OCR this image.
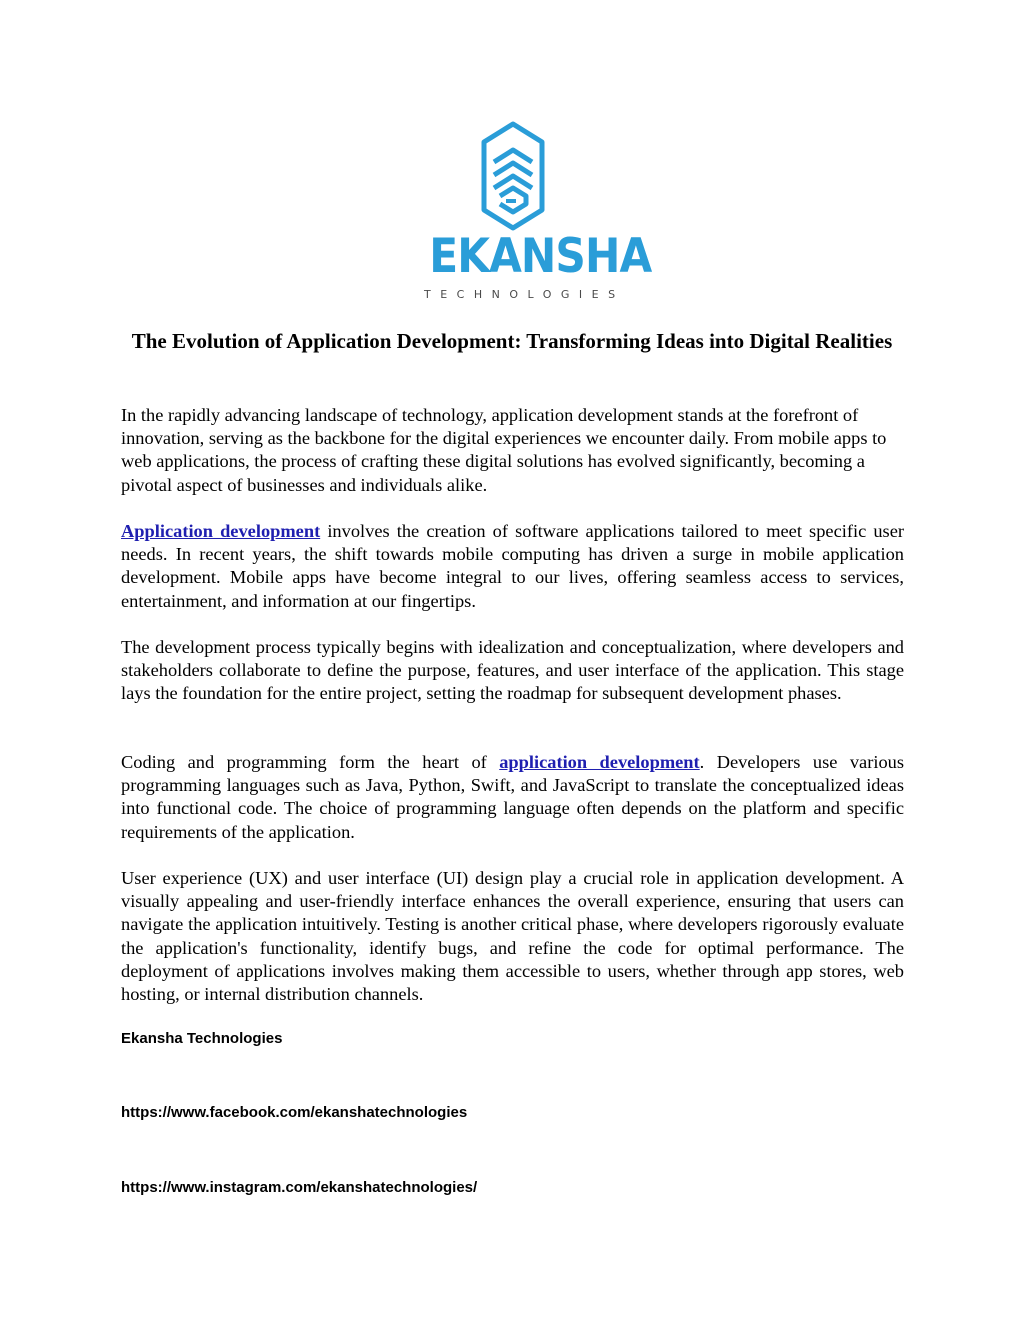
EKANSHA
TECHNOLOGIES
The Evolution of Application Development: Transforming Ideas into Digital Realities

In the rapidly advancing landscape of technology, application development stands at the forefront of innovation, serving as the backbone for the digital experiences we encounter daily. From mobile apps to web applications, the process of crafting these digital solutions has evolved significantly, becoming a pivotal aspect of businesses and individuals alike.

Application development involves the creation of software applications tailored to meet specific user needs. In recent years, the shift towards mobile computing has driven a surge in mobile application development. Mobile apps have become integral to our lives, offering seamless access to services, entertainment, and information at our fingertips.

The development process typically begins with idealization and conceptualization, where developers and stakeholders collaborate to define the purpose, features, and user interface of the application. This stage lays the foundation for the entire project, setting the roadmap for subsequent development phases.

Coding and programming form the heart of application development. Developers use various programming languages such as Java, Python, Swift, and JavaScript to translate the conceptualized ideas into functional code. The choice of programming language often depends on the platform and specific requirements of the application.

User experience (UX) and user interface (UI) design play a crucial role in application development. A visually appealing and user-friendly interface enhances the overall experience, ensuring that users can navigate the application intuitively. Testing is another critical phase, where developers rigorously evaluate the application's functionality, identify bugs, and refine the code for optimal performance. The deployment of applications involves making them accessible to users, whether through app stores, web hosting, or internal distribution channels.

Ekansha Technologies

https://www.facebook.com/ekanshatechnologies

https://www.instagram.com/ekanshatechnologies/
